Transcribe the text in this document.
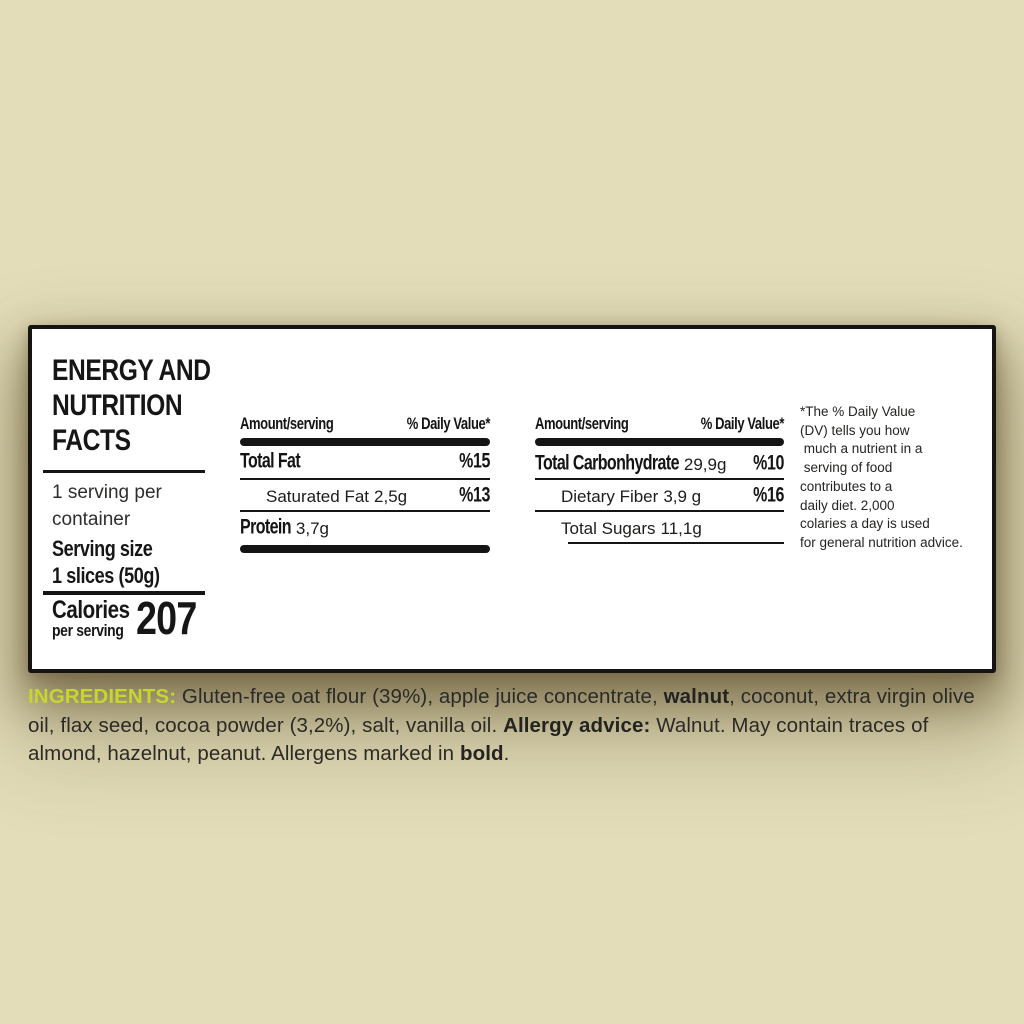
ENERGY AND
NUTRITION
FACTS
1 serving per
container
Serving size
1 slices (50g)
Calories
per serving 207
Amount/serving	% Daily Value*
Total Fat	%15
Saturated Fat 2,5g	%13
Protein 3,7g
Amount/serving	% Daily Value*
Total Carbonhydrate 29,9g %10
Dietary Fiber 3,9 g	%16
Total Sugars 11,1g
*The % Daily Value
(DV) tells you how
much a nutrient in a
serving of food
contributes to a
daily diet. 2,000
colaries a day is used
for general nutrition advice.

INGREDIENTS: Gluten-free oat flour (39%), apple juice concentrate, walnut, coconut, extra virgin olive oil, flax seed, cocoa powder (3,2%), salt, vanilla oil. Allergy advice: Walnut. May contain traces of almond, hazelnut, peanut. Allergens marked in bold.
